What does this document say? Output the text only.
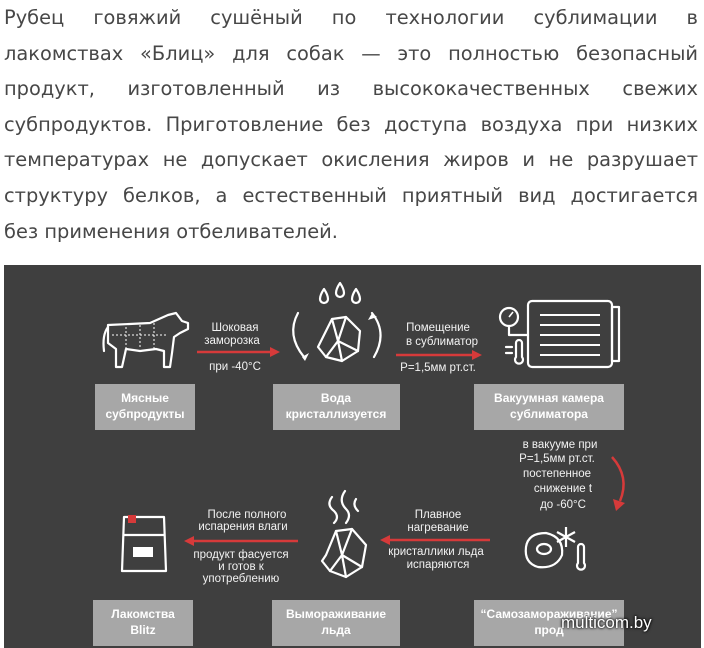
Рубец говяжий сушёный по технологии сублимации в
лакомствах «Блиц» для собак — это полностью безопасный
продукт, изготовленный из высококачественных свежих
субпродуктов. Приготовление без доступа воздуха при низких
температурах не допускает окисления жиров и не разрушает
структуру белков, а естественный приятный вид достигается
без применения отбеливателей.
Мясные
субпродукты
Шоковая
заморозка
при -40°С
Вода
кристаллизуется
Помещение
в сублиматор
P=1,5мм рт.ст.
Вакуумная камера
сублиматора
в вакууме при
P=1,5мм рт.ст.
постепенное
снижение t
до -60°С
Лакомства
Blitz
После полного
испарения влаги
продукт фасуется
и готов к
употреблению
Вымораживание
льда
Плавное
нагревание
кристаллики льда
испаряются
“Самозамораживание”
прод
multicom.by
